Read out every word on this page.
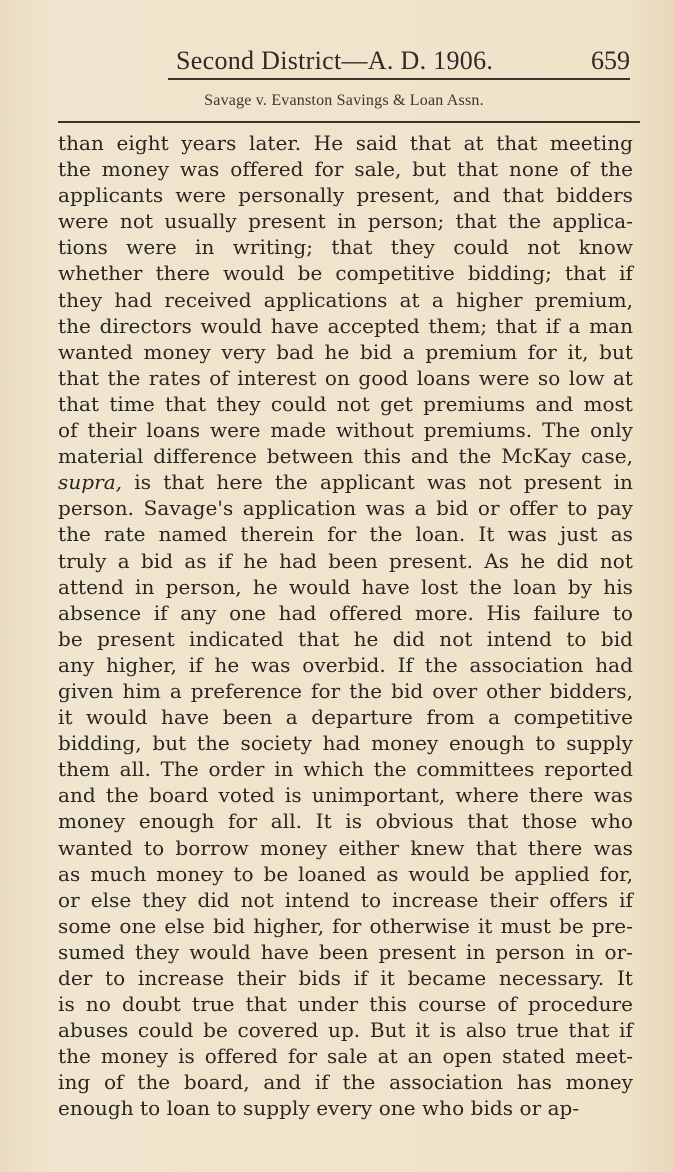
Second District—A. D. 1906.	659
Savage v. Evanston Savings & Loan Assn.
than eight years later. He said that at that meeting
the money was offered for sale, but that none of the
applicants were personally present, and that bidders
were not usually present in person; that the applica-
tions were in writing; that they could not know
whether there would be competitive bidding; that if
they had received applications at a higher premium,
the directors would have accepted them; that if a man
wanted money very bad he bid a premium for it, but
that the rates of interest on good loans were so low at
that time that they could not get premiums and most
of their loans were made without premiums. The only
material difference between this and the McKay case,
supra, is that here the applicant was not present in
person. Savage's application was a bid or offer to pay
the rate named therein for the loan. It was just as
truly a bid as if he had been present. As he did not
attend in person, he would have lost the loan by his
absence if any one had offered more. His failure to
be present indicated that he did not intend to bid
any higher, if he was overbid. If the association had
given him a preference for the bid over other bidders,
it would have been a departure from a competitive
bidding, but the society had money enough to supply
them all. The order in which the committees reported
and the board voted is unimportant, where there was
money enough for all. It is obvious that those who
wanted to borrow money either knew that there was
as much money to be loaned as would be applied for,
or else they did not intend to increase their offers if
some one else bid higher, for otherwise it must be pre-
sumed they would have been present in person in or-
der to increase their bids if it became necessary. It
is no doubt true that under this course of procedure
abuses could be covered up. But it is also true that if
the money is offered for sale at an open stated meet-
ing of the board, and if the association has money
enough to loan to supply every one who bids or ap-
